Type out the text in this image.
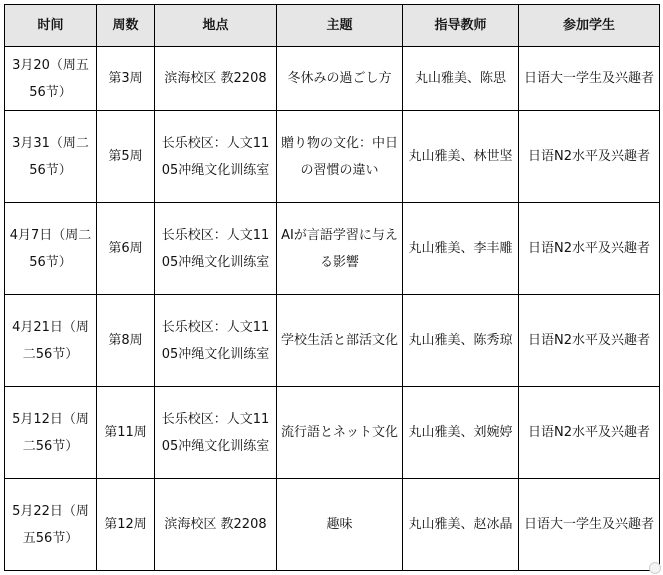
时间	周数	地点	主题	指导教师	参加学生
3月20（周五56节）	第3周	滨海校区 教2208	冬休みの過ごし方	丸山雅美、陈思	日语大一学生及兴趣者
3月31（周二56节）	第5周	长乐校区：人文1105冲绳文化训练室	贈り物の文化：中日の習慣の違い	丸山雅美、林世坚	日语N2水平及兴趣者
4月7日（周二56节）	第6周	长乐校区：人文1105冲绳文化训练室	AIが言語学習に与える影響	丸山雅美、李丰雕	日语N2水平及兴趣者
4月21日（周二56节）	第8周	长乐校区：人文1105冲绳文化训练室	学校生活と部活文化	丸山雅美、陈秀琼	日语N2水平及兴趣者
5月12日（周二56节）	第11周	长乐校区：人文1105冲绳文化训练室	流行語とネット文化	丸山雅美、刘婉婷	日语N2水平及兴趣者
5月22日（周五56节）	第12周	滨海校区 教2208	趣味	丸山雅美、赵冰晶	日语大一学生及兴趣者
